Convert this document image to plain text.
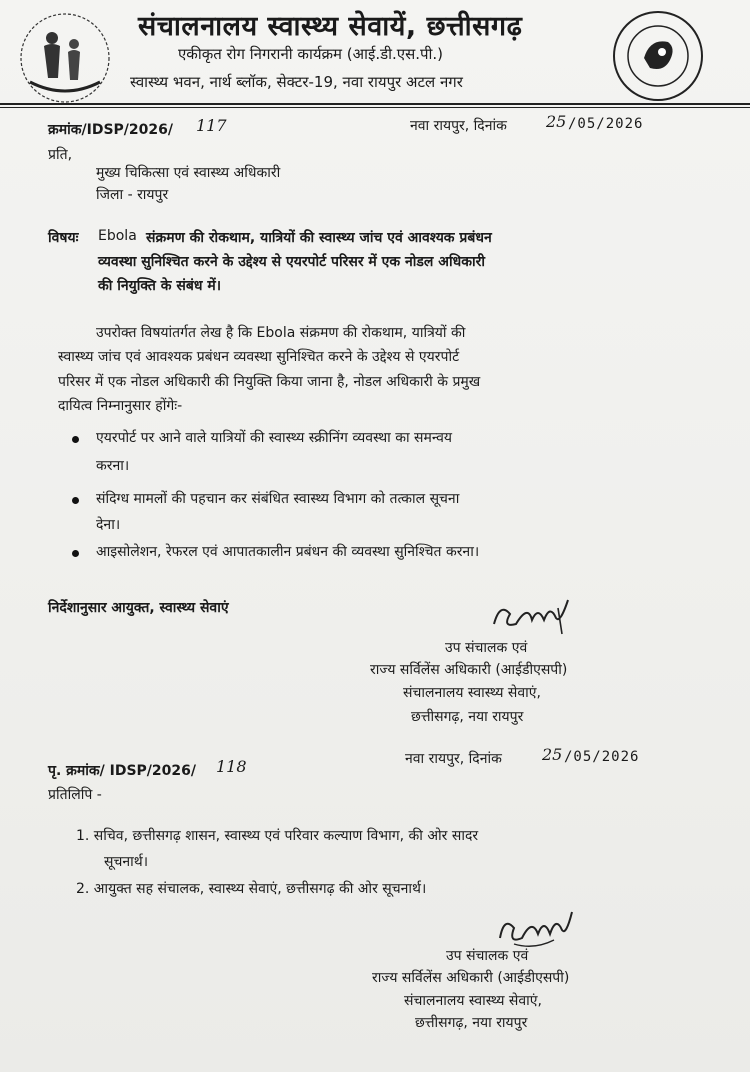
संचालनालय स्वास्थ्य सेवायें, छत्तीसगढ़
एकीकृत रोग निगरानी कार्यक्रम (आई.डी.एस.पी.)
स्वास्थ्य भवन, नार्थ ब्लॉक, सेक्टर-19, नवा रायपुर अटल नगर
क्रमांक/IDSP/2026/ 117	नवा रायपुर, दिनांक 25 /05/2026
प्रति,
मुख्य चिकित्सा एवं स्वास्थ्य अधिकारी
जिला - रायपुर
विषयः Ebola संक्रमण की रोकथाम, यात्रियों की स्वास्थ्य जांच एवं आवश्यक प्रबंधन
व्यवस्था सुनिश्चित करने के उद्देश्य से एयरपोर्ट परिसर में एक नोडल अधिकारी
की नियुक्ति के संबंध में।
उपरोक्त विषयांतर्गत लेख है कि Ebola संक्रमण की रोकथाम, यात्रियों की
स्वास्थ्य जांच एवं आवश्यक प्रबंधन व्यवस्था सुनिश्चित करने के उद्देश्य से एयरपोर्ट
परिसर में एक नोडल अधिकारी की नियुक्ति किया जाना है, नोडल अधिकारी के प्रमुख
दायित्व निम्नानुसार होंगेः-
एयरपोर्ट पर आने वाले यात्रियों की स्वास्थ्य स्क्रीनिंग व्यवस्था का समन्वय
करना।
संदिग्ध मामलों की पहचान कर संबंधित स्वास्थ्य विभाग को तत्काल सूचना
देना।
आइसोलेशन, रेफरल एवं आपातकालीन प्रबंधन की व्यवस्था सुनिश्चित करना।
निर्देशानुसार आयुक्त, स्वास्थ्य सेवाएं
उप संचालक एवं
राज्य सर्विलेंस अधिकारी (आईडीएसपी)
संचालनालय स्वास्थ्य सेवाएं,
छत्तीसगढ़, नया रायपुर
पृ. क्रमांक/ IDSP/2026/ 118	नवा रायपुर, दिनांक	25 /05/2026
प्रतिलिपि -
1. सचिव, छत्तीसगढ़ शासन, स्वास्थ्य एवं परिवार कल्याण विभाग, की ओर सादर
सूचनार्थ।
2. आयुक्त सह संचालक, स्वास्थ्य सेवाएं, छत्तीसगढ़ की ओर सूचनार्थ।
उप संचालक एवं
राज्य सर्विलेंस अधिकारी (आईडीएसपी)
संचालनालय स्वास्थ्य सेवाएं,
छत्तीसगढ़, नया रायपुर
